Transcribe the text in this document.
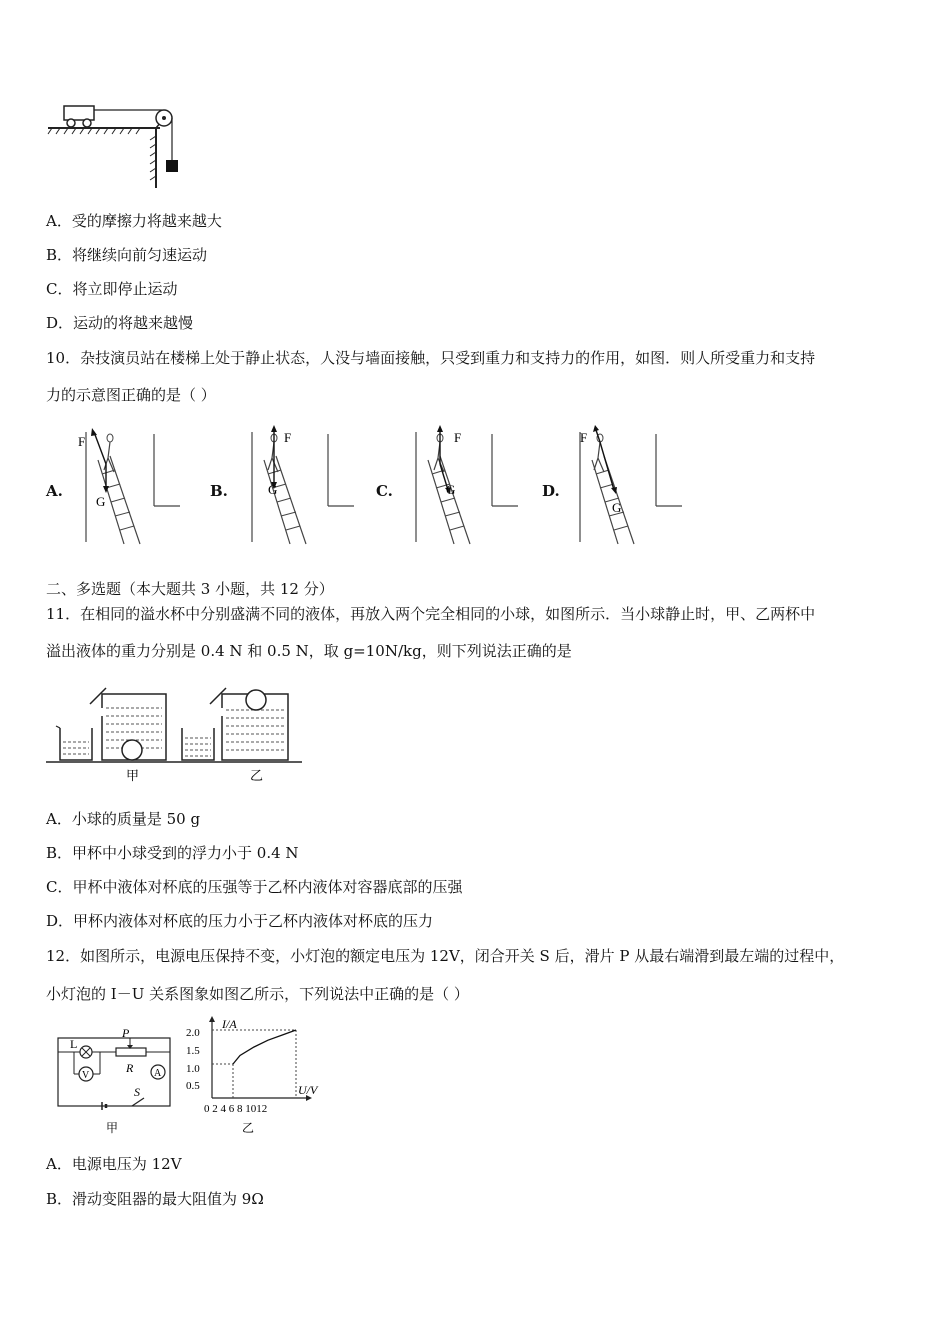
A．受的摩擦力将越来越大
B．将继续向前匀速运动
C．将立即停止运动
D．运动的将越来越慢
10．杂技演员站在楼梯上处于静止状态，人没与墙面接触，只受到重力和支持力的作用，如图．则人所受重力和支持
力的示意图正确的是（ ）
A.
F
G
B.
F
G	C.
F
G	D.
F
G
二、多选题（本大题共 3 小题，共 12 分）
11．在相同的溢水杯中分别盛满不同的液体，再放入两个完全相同的小球，如图所示．当小球静止时，甲、乙两杯中
溢出液体的重力分别是 0.4 N 和 0.5 N，取 g=10N/kg，则下列说法正确的是
甲	乙
A．小球的质量是 50 g
B．甲杯中小球受到的浮力小于 0.4 N
C．甲杯中液体对杯底的压强等于乙杯内液体对容器底部的压强
D．甲杯内液体对杯底的压力小于乙杯内液体对杯底的压力
12．如图所示，电源电压保持不变，小灯泡的额定电压为 12V，闭合开关 S 后，滑片 P 从最右端滑到最左端的过程中，
小灯泡的 I－U 关系图象如图乙所示，下列说法中正确的是（ ）
L
P
R
V	A
S
甲
I/A
U/V
2.0
1.5
1.0
0.5
0 2 4 6 8 1012
乙
A．电源电压为 12V
B．滑动变阻器的最大阻值为 9Ω
